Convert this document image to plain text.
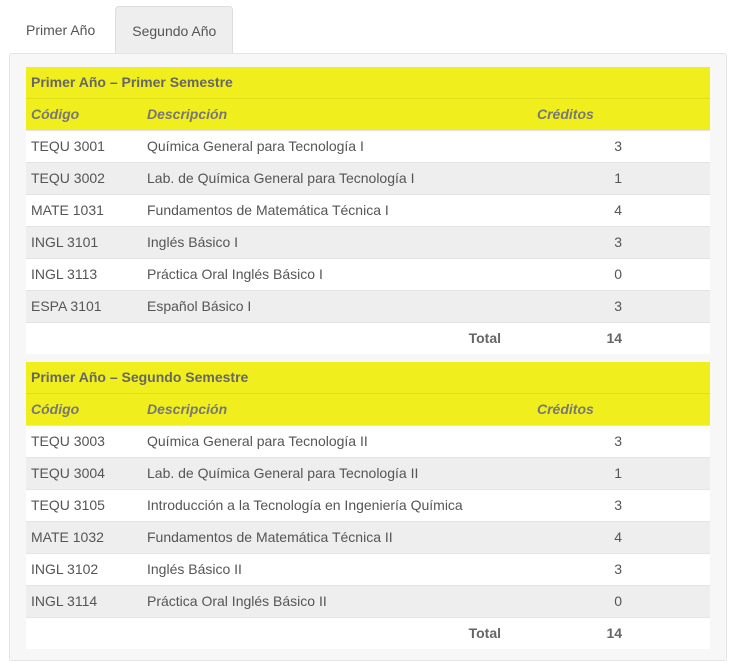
Primer Año	Segundo Año
Primer Año – Primer Semestre		
Código	Descripción	Créditos
TEQU 3001	Química General para Tecnología I	3
TEQU 3002	Lab. de Química General para Tecnología I	1
MATE 1031	Fundamentos de Matemática Técnica I	4
INGL 3101	Inglés Básico I	3
INGL 3113	Práctica Oral Inglés Básico I	0
ESPA 3101	Español Básico I	3
	Total	14
Primer Año – Segundo Semestre		
Código	Descripción	Créditos
TEQU 3003	Química General para Tecnología II	3
TEQU 3004	Lab. de Química General para Tecnología II	1
TEQU 3105	Introducción a la Tecnología en Ingeniería Química	3
MATE 1032	Fundamentos de Matemática Técnica II	4
INGL 3102	Inglés Básico II	3
INGL 3114	Práctica Oral Inglés Básico II	0
	Total	14
